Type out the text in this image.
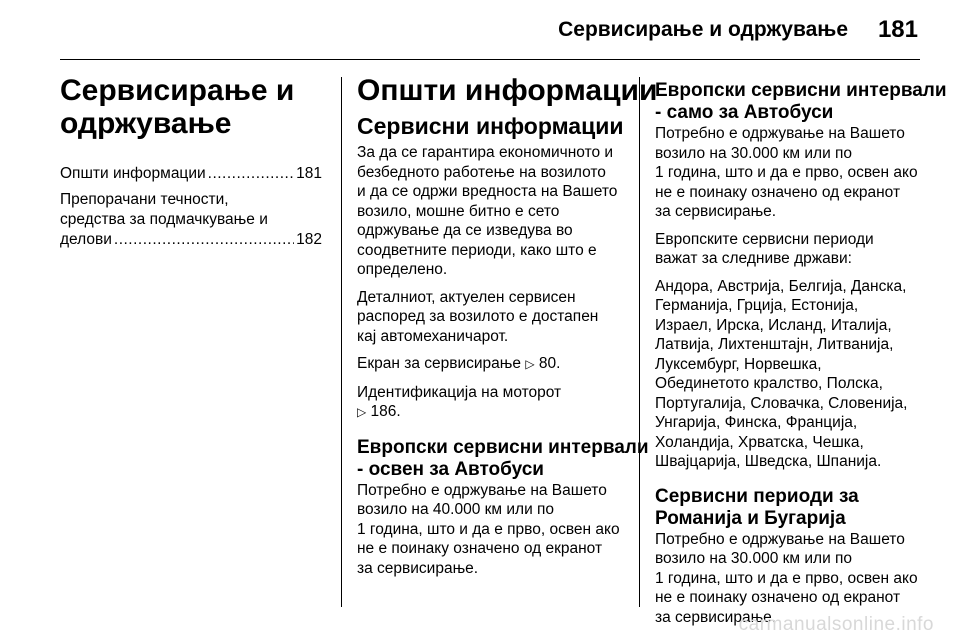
Сервисирање и одржување 181
Сервисирање и
одржување
Општи информации .....	181
Препорачани течности,
средства за подмачкување и
делови .....	182
Општи информации
Сервисни информации
За да се гарантира економичното и
безбедното работење на возилото
и да се одржи вредноста на Вашето
возило, мошне битно е сето
одржување да се изведува во
соодветните периоди, како што е
определено.
Деталниот, актуелен сервисен
распоред за возилото е достапен
кај автомеханичарот.
Екран за сервисирање ▷ 80.
Идентификација на моторот
▷ 186.
Европски сервисни интервали
- освен за Автобуси
Потребно е одржување на Вашето
возило на 40.000 км или по
1 година, што и да е прво, освен ако
не е поинаку означено од екранот
за сервисирање.
Европски сервисни интервали
- само за Автобуси
Потребно е одржување на Вашето
возило на 30.000 км или по
1 година, што и да е прво, освен ако
не е поинаку означено од екранот
за сервисирање.
Европските сервисни периоди
важат за следниве држави:
Андора, Австрија, Белгија, Данска,
Германија, Грција, Естонија,
Израел, Ирска, Исланд, Италија,
Латвија, Лихтенштајн, Литванија,
Луксембург, Норвешка,
Обединетото кралство, Полска,
Португалија, Словачка, Словенија,
Унгарија, Финска, Франција,
Холандија, Хрватска, Чешка,
Швајцарија, Шведска, Шпанија.
Сервисни периоди за
Романија и Бугарија
Потребно е одржување на Вашето
возило на 30.000 км или по
1 година, што и да е прво, освен ако
не е поинаку означено од екранот
за сервисирање.
carmanualsonline.info
